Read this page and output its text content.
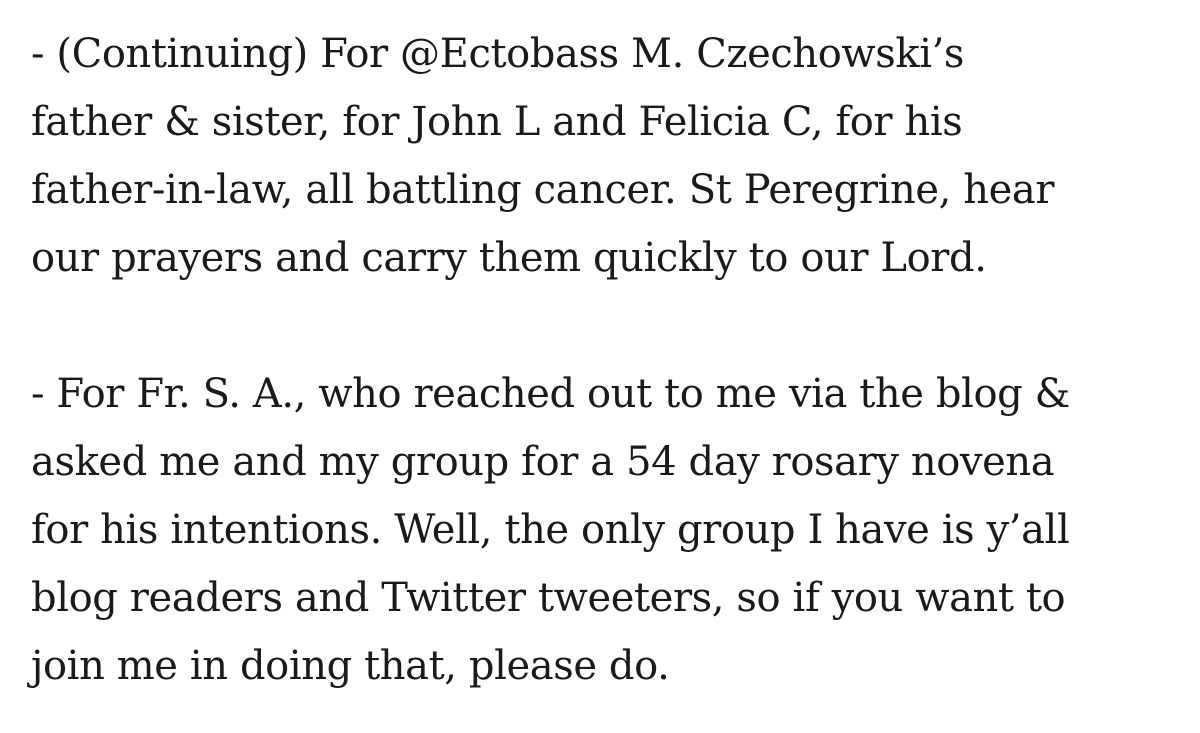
- (Continuing) For @Ectobass M. Czechowski’s
father & sister, for John L and Felicia C, for his
father-in-law, all battling cancer. St Peregrine, hear
our prayers and carry them quickly to our Lord.

- For Fr. S. A., who reached out to me via the blog &
asked me and my group for a 54 day rosary novena
for his intentions. Well, the only group I have is y’all
blog readers and Twitter tweeters, so if you want to
join me in doing that, please do.
